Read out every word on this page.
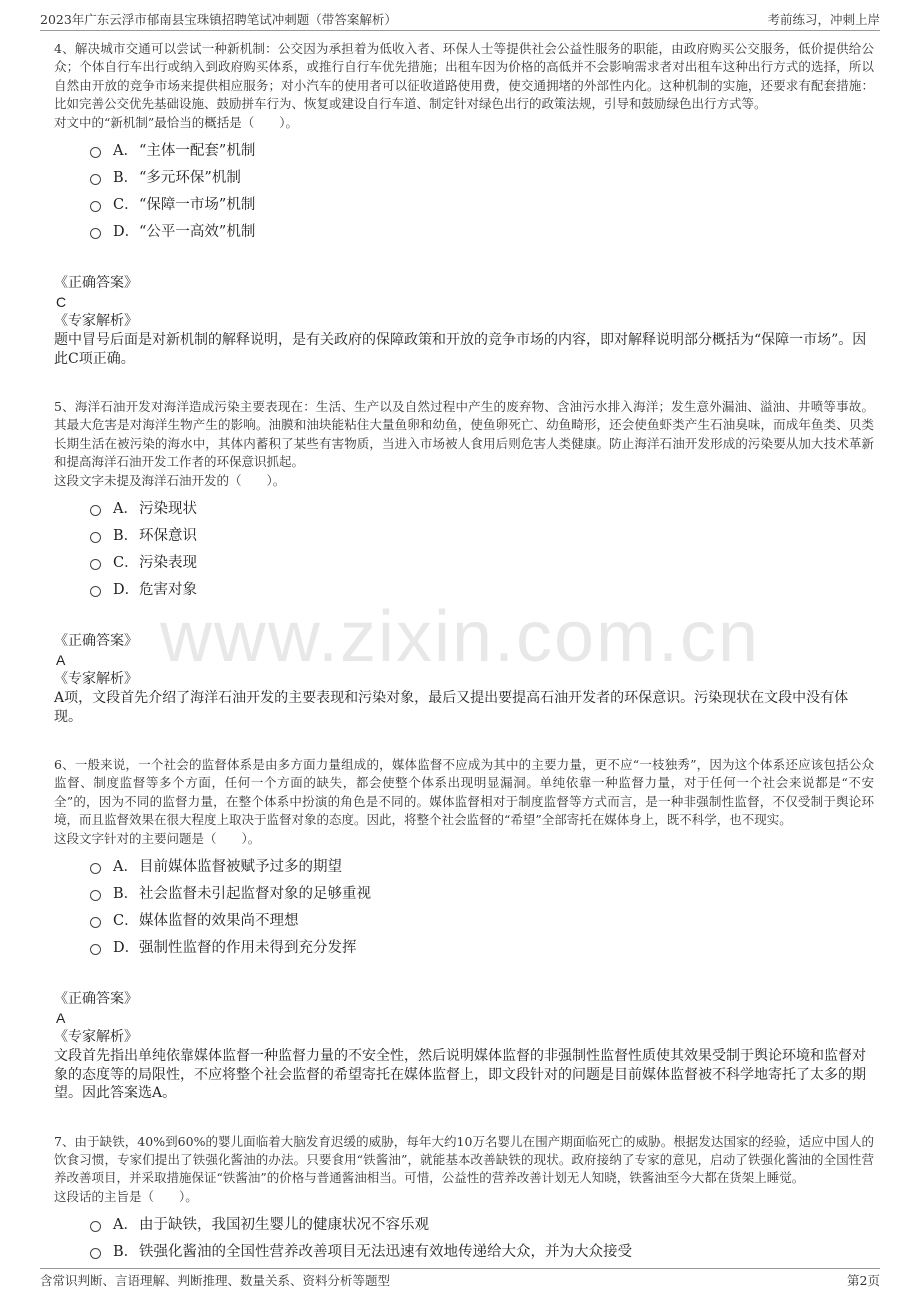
2023年广东云浮市郁南县宝珠镇招聘笔试冲刺题（带答案解析）	考前练习，冲刺上岸
www.zixin.com.cn

4、解决城市交通可以尝试一种新机制：公交因为承担着为低收入者、环保人士等提供社会公益性服务的职能，由政府购买公交服务，低价提供给公众；个体自行车出行或纳入到政府购买体系，或推行自行车优先措施；出租车因为价格的高低并不会影响需求者对出租车这种出行方式的选择，所以自然由开放的竞争市场来提供相应服务；对小汽车的使用者可以征收道路使用费，使交通拥堵的外部性内化。这种机制的实施，还要求有配套措施：比如完善公交优先基础设施、鼓励拼车行为、恢复或建设自行车道、制定针对绿色出行的政策法规，引导和鼓励绿色出行方式等。

对文中的“新机制”最恰当的概括是（　　）。

A． “主体一配套”机制
B． “多元环保”机制
C． “保障一市场”机制
D． “公平一高效”机制
《正确答案》
C
《专家解析》

题中冒号后面是对新机制的解释说明，是有关政府的保障政策和开放的竞争市场的内容，即对解释说明部分概括为“保障一市场”。因此C项正确。

5、海洋石油开发对海洋造成污染主要表现在：生活、生产以及自然过程中产生的废弃物、含油污水排入海洋；发生意外漏油、溢油、井喷等事故。其最大危害是对海洋生物产生的影响。油膜和油块能粘住大量鱼卵和幼鱼，使鱼卵死亡、幼鱼畸形，还会使鱼虾类产生石油臭味，而成年鱼类、贝类长期生活在被污染的海水中，其体内蓄积了某些有害物质，当进入市场被人食用后则危害人类健康。防止海洋石油开发形成的污染要从加大技术革新和提高海洋石油开发工作者的环保意识抓起。

这段文字未提及海洋石油开发的（　　）。

A． 污染现状
B． 环保意识
C． 污染表现
D． 危害对象
《正确答案》
A
《专家解析》

A项，文段首先介绍了海洋石油开发的主要表现和污染对象，最后又提出要提高石油开发者的环保意识。污染现状在文段中没有体现。

6、一般来说，一个社会的监督体系是由多方面力量组成的，媒体监督不应成为其中的主要力量，更不应“一枝独秀”，因为这个体系还应该包括公众监督、制度监督等多个方面，任何一个方面的缺失，都会使整个体系出现明显漏洞。单纯依靠一种监督力量，对于任何一个社会来说都是“不安全”的，因为不同的监督力量，在整个体系中扮演的角色是不同的。媒体监督相对于制度监督等方式而言，是一种非强制性监督，不仅受制于舆论环境，而且监督效果在很大程度上取决于监督对象的态度。因此，将整个社会监督的“希望”全部寄托在媒体身上，既不科学，也不现实。

这段文字针对的主要问题是（　　）。

A． 目前媒体监督被赋予过多的期望
B． 社会监督未引起监督对象的足够重视
C． 媒体监督的效果尚不理想
D． 强制性监督的作用未得到充分发挥
《正确答案》
A
《专家解析》

文段首先指出单纯依靠媒体监督一种监督力量的不安全性，然后说明媒体监督的非强制性监督性质使其效果受制于舆论环境和监督对象的态度等的局限性，不应将整个社会监督的希望寄托在媒体监督上，即文段针对的问题是目前媒体监督被不科学地寄托了太多的期望。因此答案选A。

7、由于缺铁，40%到60%的婴儿面临着大脑发育迟缓的威胁，每年大约10万名婴儿在围产期面临死亡的威胁。根据发达国家的经验，适应中国人的饮食习惯，专家们提出了铁强化酱油的办法。只要食用“铁酱油”，就能基本改善缺铁的现状。政府接纳了专家的意见，启动了铁强化酱油的全国性营养改善项目，并采取措施保证“铁酱油”的价格与普通酱油相当。可惜，公益性的营养改善计划无人知晓，铁酱油至今大都在货架上睡觉。

这段话的主旨是（　　）。

A． 由于缺铁，我国初生婴儿的健康状况不容乐观
B． 铁强化酱油的全国性营养改善项目无法迅速有效地传递给大众，并为大众接受
含常识判断、言语理解、判断推理、数量关系、资料分析等题型	第2页
